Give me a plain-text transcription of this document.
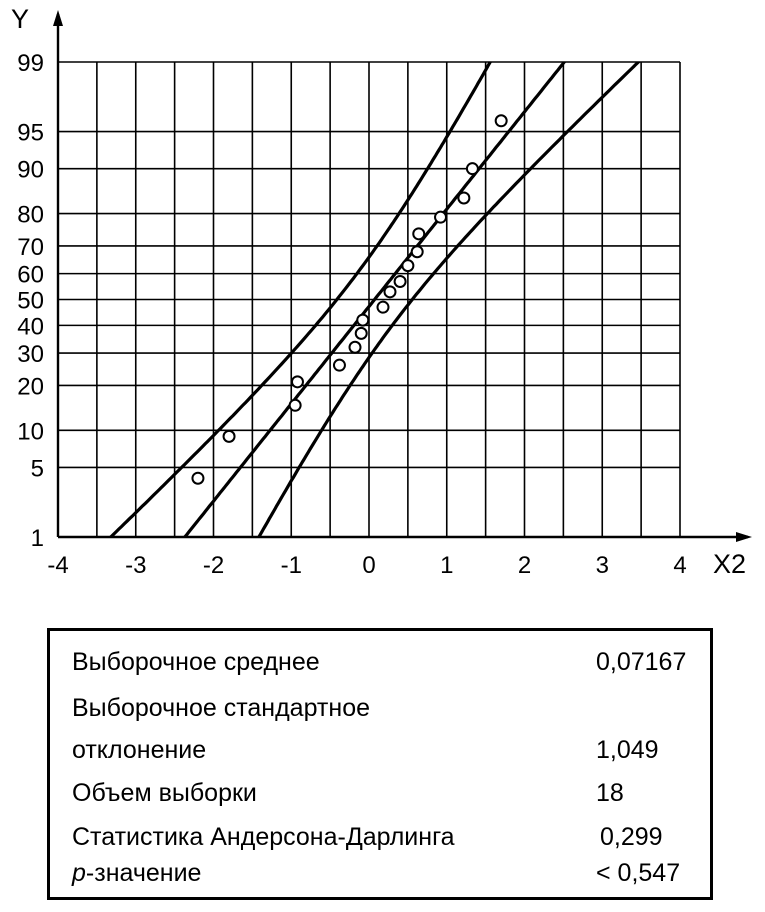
-4 -3 -2 -1	0	1	2	3	4
1
5
10
20
30
40
50
60
70
80
90
95
99
Y
X2
Выборочное среднее	0,07167
Выборочное стандартное
отклонение	1,049
Объем выборки	18
Статистика Андерсона-Дарлинга	0,299
p-значение	< 0,547
